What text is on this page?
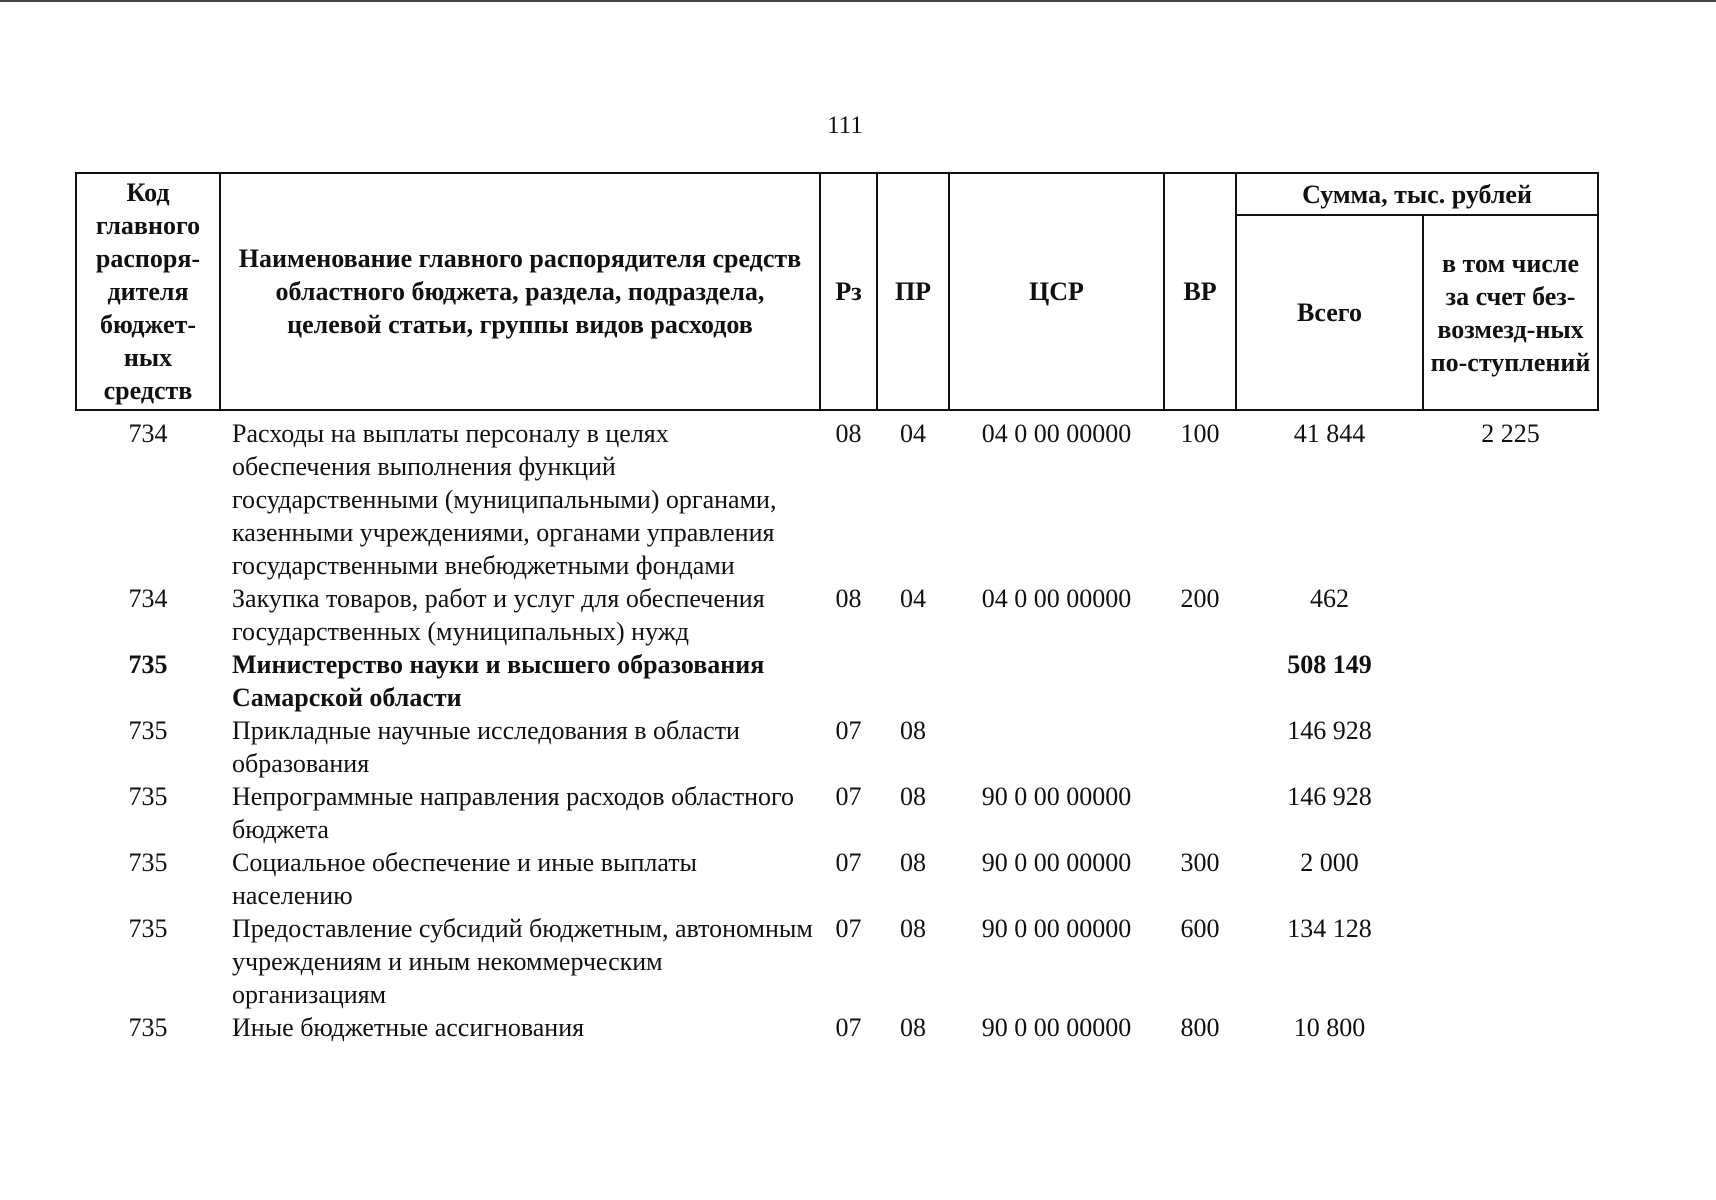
111
Код главного распоря-дителя бюджет-ных средств	Наименование главного распорядителя средств областного бюджета, раздела, подраздела, целевой статьи, группы видов расходов	Рз	ПР	ЦСР	ВР	Сумма, тыс. рублей	
						Всего	в том числе за счет без-возмезд-ных по-ступлений
734	Расходы на выплаты персоналу в целях обеспечения выполнения функций государственными (муниципальными) органами, казенными учреждениями, органами управления государственными внебюджетными фондами	08	04	04 0 00 00000	100	41 844	2 225
734	Закупка товаров, работ и услуг для обеспечения государственных (муниципальных) нужд	08	04	04 0 00 00000	200	462	
735	Министерство науки и высшего образования Самарской области					508 149	
735	Прикладные научные исследования в области образования	07	08			146 928	
735	Непрограммные направления расходов областного бюджета	07	08	90 0 00 00000		146 928	
735	Социальное обеспечение и иные выплаты населению	07	08	90 0 00 00000	300	2 000	
735	Предоставление субсидий бюджетным, автономным учреждениям и иным некоммерческим организациям	07	08	90 0 00 00000	600	134 128	
735	Иные бюджетные ассигнования	07	08	90 0 00 00000	800	10 800	
